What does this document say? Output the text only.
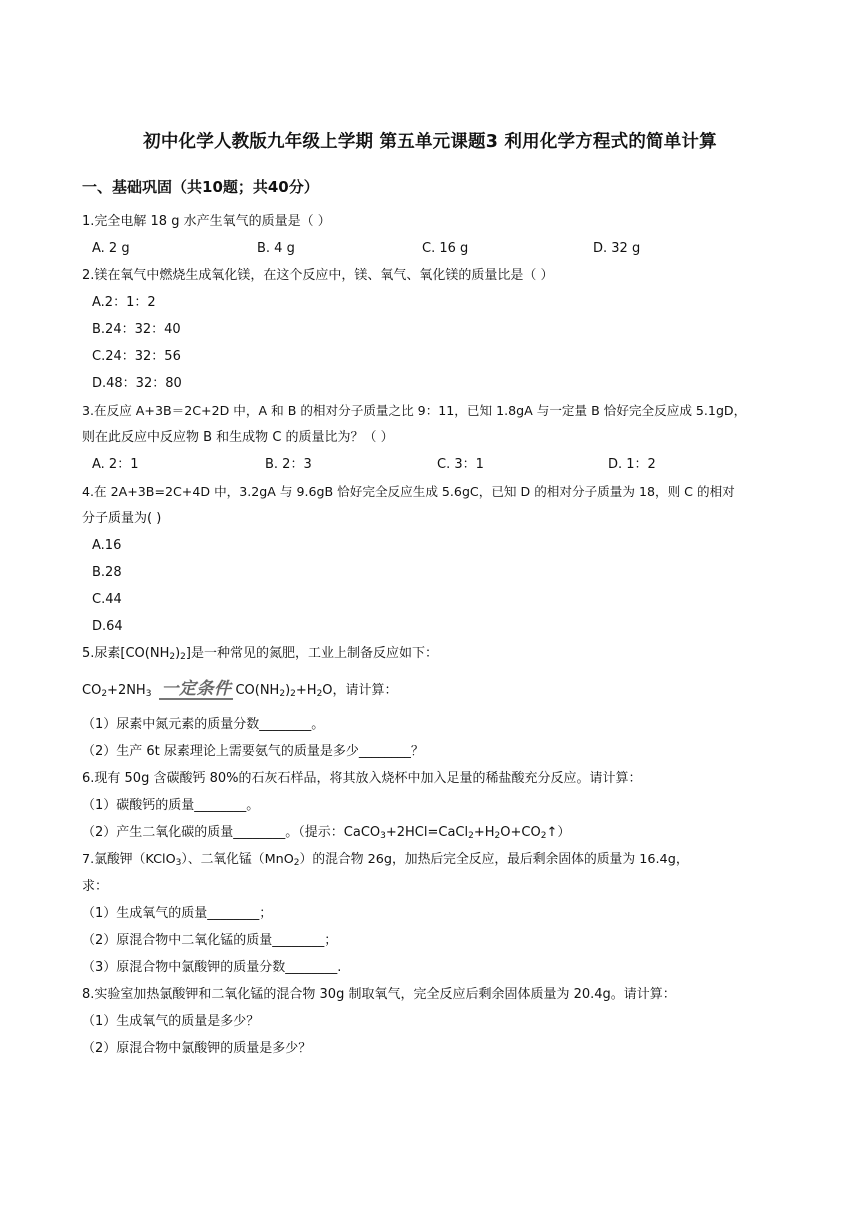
初中化学人教版九年级上学期 第五单元课题3 利用化学方程式的简单计算
一、基础巩固（共10题；共40分）
1.完全电解 18 g 水产生氧气的质量是（ ）
A. 2 g	B. 4 g	C. 16 g	D. 32 g
2.镁在氧气中燃烧生成氧化镁，在这个反应中，镁、氧气、氧化镁的质量比是（ ）
A.2：1：2
B.24：32：40
C.24：32：56
D.48：32：80
3.在反应 A+3B＝2C+2D 中，A 和 B 的相对分子质量之比 9：11，已知 1.8gA 与一定量 B 恰好完全反应成 5.1gD，
则在此反应中反应物 B 和生成物 C 的质量比为？（ ）
A. 2：1	B. 2：3	C. 3：1	D. 1：2
4.在 2A+3B=2C+4D 中，3.2gA 与 9.6gB 恰好完全反应生成 5.6gC，已知 D 的相对分子质量为 18，则 C 的相对
分子质量为( )
A.16
B.28
C.44
D.64
5.尿素$[CO(NH_2)_2]$是一种常见的氮肥，工业上制备反应如下：
$CO_2+2NH_3$ 一定条件 $CO(NH_2)_2+H_2O$，请计算：
（1）尿素中氮元素的质量分数________。
（2）生产 6t 尿素理论上需要氨气的质量是多少________？
6.现有 50g 含碳酸钙 80%的石灰石样品，将其放入烧杯中加入足量的稀盐酸充分反应。请计算：
（1）碳酸钙的质量________。
（2）产生二氧化碳的质量________。（提示：$CaCO_3+2HCl=CaCl_2+H_2O+CO_2↑$）
7.氯酸钾（KClO$_3$）、二氧化锰（MnO$_2$）的混合物 26g，加热后完全反应，最后剩余固体的质量为 16.4g，
求：
（1）生成氧气的质量________；
（2）原混合物中二氧化锰的质量________；
（3）原混合物中氯酸钾的质量分数________.
8.实验室加热氯酸钾和二氧化锰的混合物 30g 制取氧气，完全反应后剩余固体质量为 20.4g。请计算：
（1）生成氧气的质量是多少？
（2）原混合物中氯酸钾的质量是多少？
